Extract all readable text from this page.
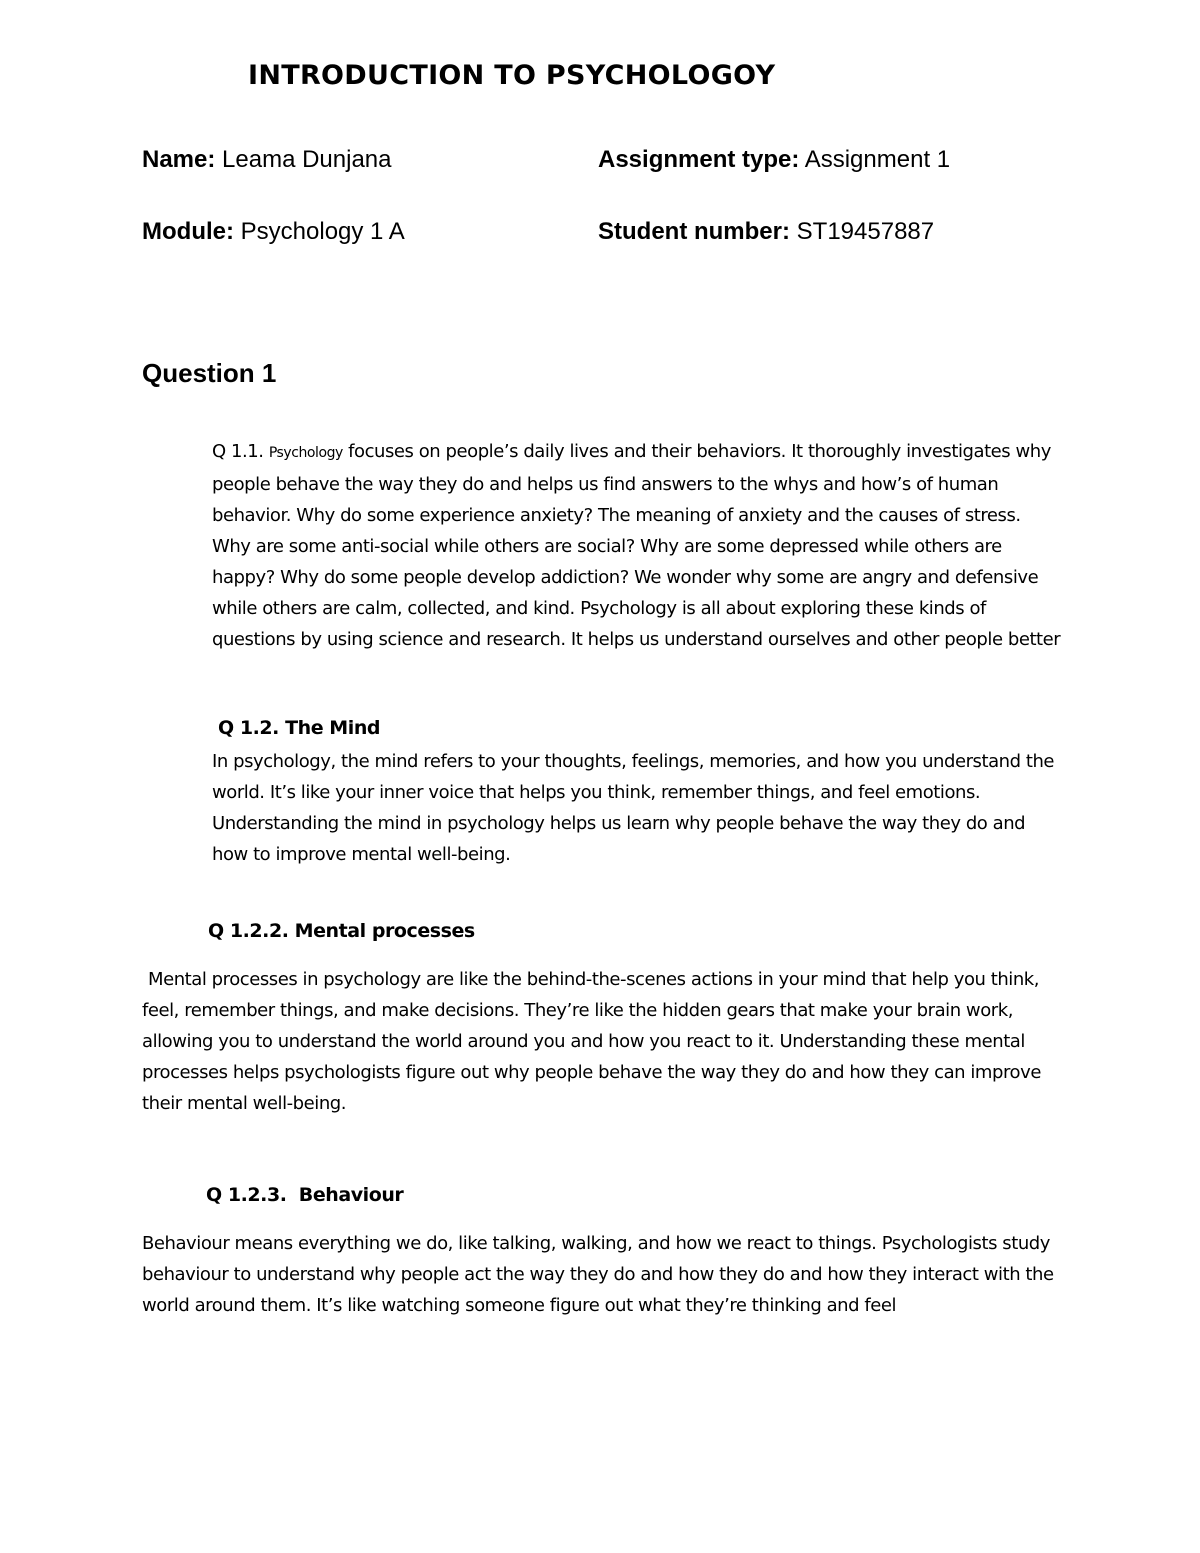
INTRODUCTION TO PSYCHOLOGOY
Name: Leama Dunjana	Assignment type: Assignment 1
Module: Psychology 1 A	Student number: ST19457887
Question 1

Q 1.1. Psychology focuses on people’s daily lives and their behaviors. It thoroughly investigates why people behave the way they do and helps us find answers to the whys and how’s of human behavior. Why do some experience anxiety? The meaning of anxiety and the causes of stress. Why are some anti-social while others are social? Why are some depressed while others are happy? Why do some people develop addiction? We wonder why some are angry and defensive while others are calm, collected, and kind. Psychology is all about exploring these kinds of questions by using science and research. It helps us understand ourselves and other people better

Q 1.2. The Mind

In psychology, the mind refers to your thoughts, feelings, memories, and how you understand the world. It’s like your inner voice that helps you think, remember things, and feel emotions. Understanding the mind in psychology helps us learn why people behave the way they do and how to improve mental well-being.

Q 1.2.2. Mental processes

Mental processes in psychology are like the behind-the-scenes actions in your mind that help you think, feel, remember things, and make decisions. They’re like the hidden gears that make your brain work, allowing you to understand the world around you and how you react to it. Understanding these mental processes helps psychologists figure out why people behave the way they do and how they can improve their mental well-being.

Q 1.2.3.  Behaviour

Behaviour means everything we do, like talking, walking, and how we react to things. Psychologists study behaviour to understand why people act the way they do and how they do and how they interact with the world around them. It’s like watching someone figure out what they’re thinking and feel
